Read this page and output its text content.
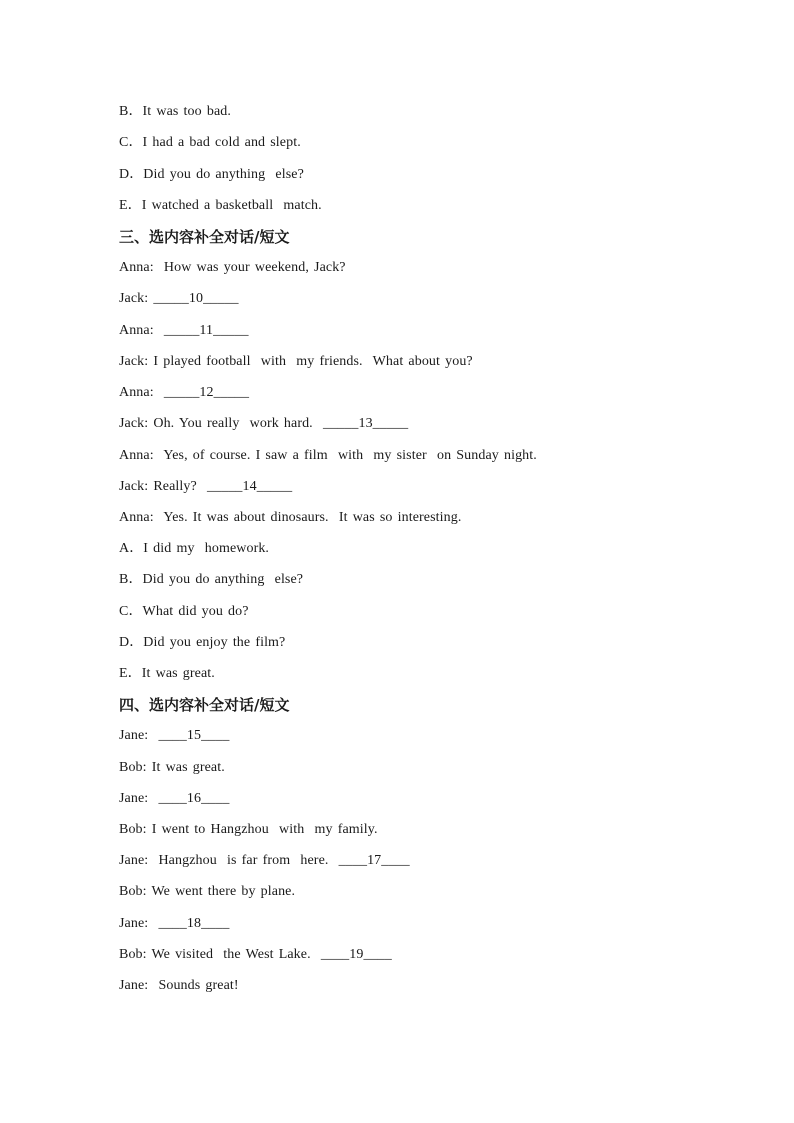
B．It was too bad.
C．I had a bad cold and slept.
D．Did you do anything  else?
E．I watched a basketball  match.
三、选内容补全对话/短文
Anna:  How was your weekend, Jack?
Jack: _____10_____
Anna:  _____11_____
Jack: I played football  with  my friends.  What about you?
Anna:  _____12_____
Jack: Oh. You really  work hard.  _____13_____
Anna:  Yes, of course. I saw a film  with  my sister  on Sunday night.
Jack: Really?  _____14_____
Anna:  Yes. It was about dinosaurs.  It was so interesting.
A．I did my  homework.
B．Did you do anything  else?
C．What did you do?
D．Did you enjoy the film?
E．It was great.
四、选内容补全对话/短文
Jane:  ____15____
Bob: It was great.
Jane:  ____16____
Bob: I went to Hangzhou  with  my family.
Jane:  Hangzhou  is far from  here.  ____17____
Bob: We went there by plane.
Jane:  ____18____
Bob: We visited  the West Lake.  ____19____
Jane:  Sounds great!
